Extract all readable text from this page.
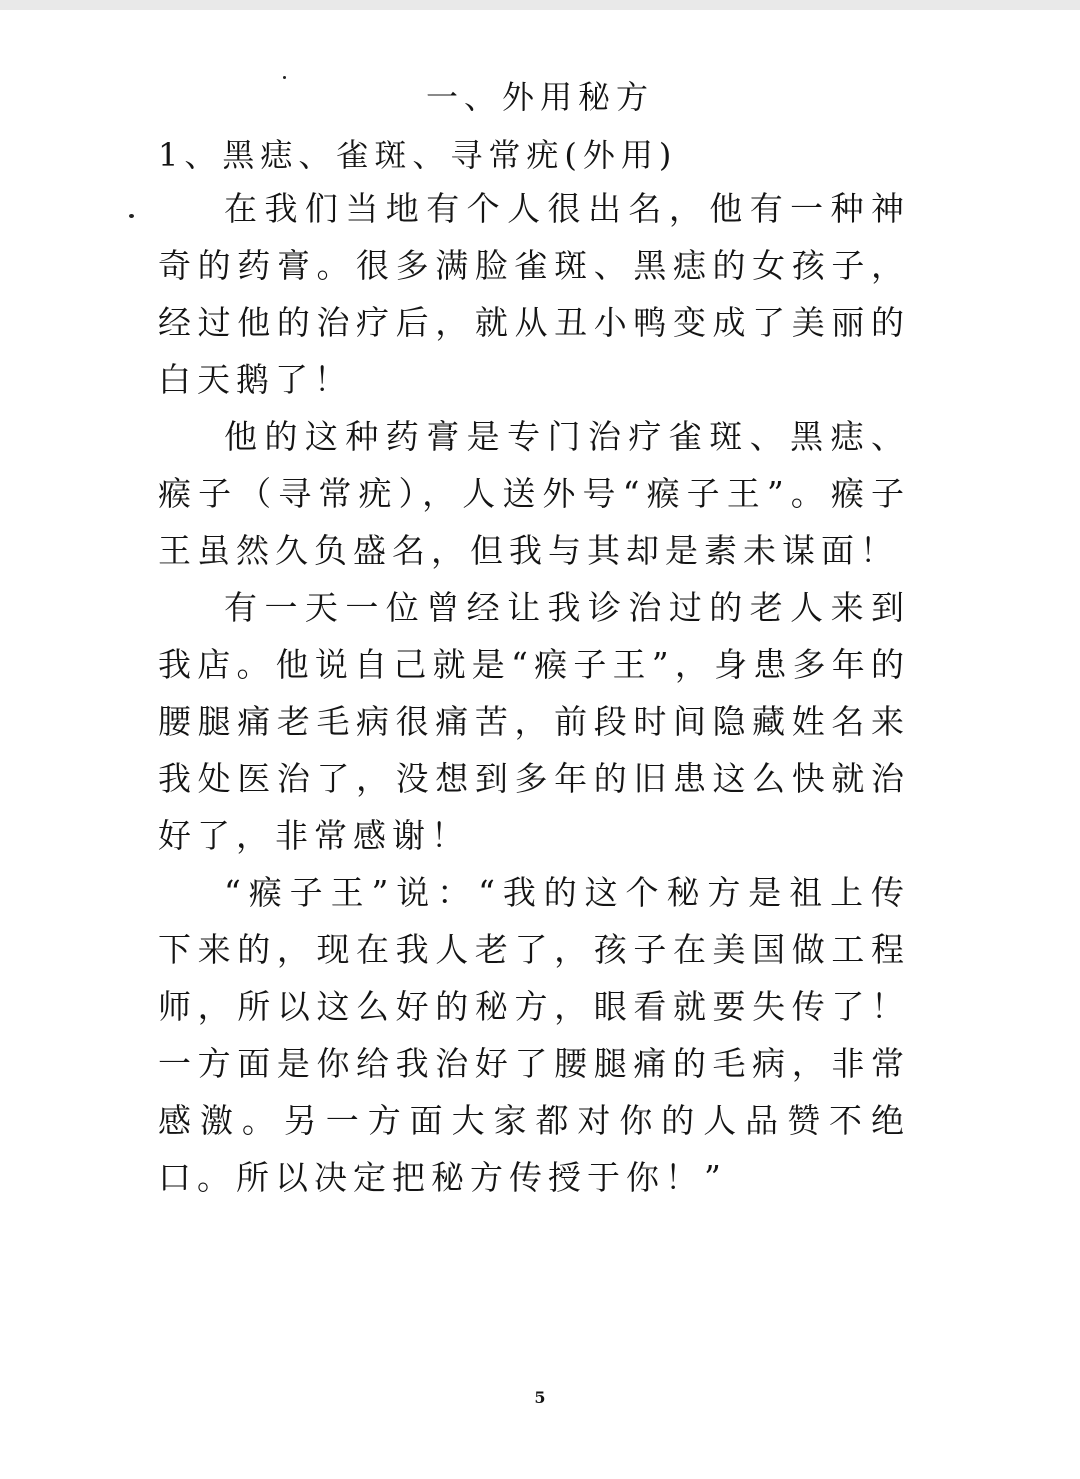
一、外用秘方
1、黑痣、雀斑、寻常疣(外用)

在我们当地有个人很出名，他有一种神奇的药膏。很多满脸雀斑、黑痣的女孩子，经过他的治疗后，就从丑小鸭变成了美丽的白天鹅了！

他的这种药膏是专门治疗雀斑、黑痣、瘊子（寻常疣），人送外号“瘊子王”。瘊子王虽然久负盛名，但我与其却是素未谋面！

有一天一位曾经让我诊治过的老人来到我店。他说自己就是“瘊子王”，身患多年的腰腿痛老毛病很痛苦，前段时间隐藏姓名来我处医治了，没想到多年的旧患这么快就治好了，非常感谢！

“瘊子王”说：“我的这个秘方是祖上传下来的，现在我人老了，孩子在美国做工程师，所以这么好的秘方，眼看就要失传了！一方面是你给我治好了腰腿痛的毛病，非常感激。另一方面大家都对你的人品赞不绝口。所以决定把秘方传授于你！”

5
